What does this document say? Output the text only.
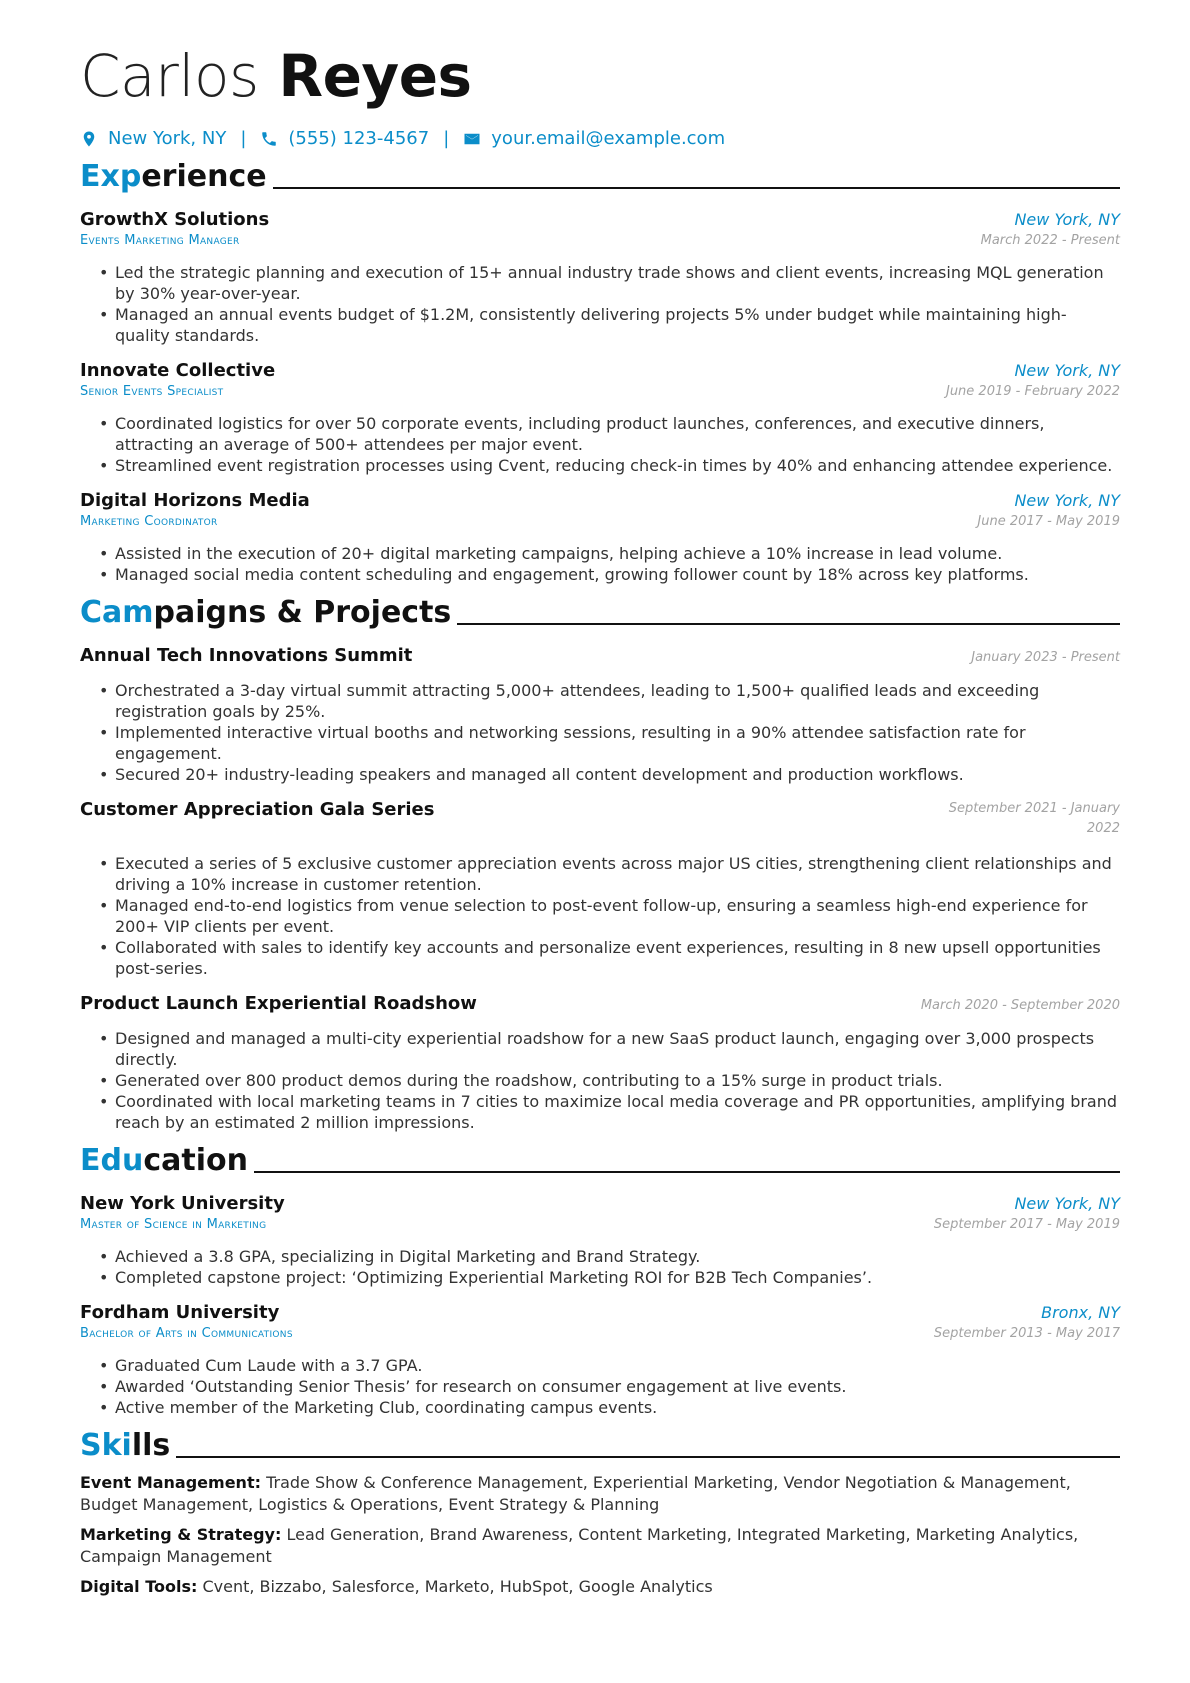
Carlos Reyes
New York, NY | (555) 123-4567 | your.email@example.com
Experience
GrowthX Solutions	New York, NY
Events Marketing Manager	March 2022 - Present
• Led the strategic planning and execution of 15+ annual industry trade shows and client events, increasing MQL generation by 30% year-over-year.
• Managed an annual events budget of $1.2M, consistently delivering projects 5% under budget while maintaining high-quality standards.
Innovate Collective	New York, NY
Senior Events Specialist	June 2019 - February 2022
• Coordinated logistics for over 50 corporate events, including product launches, conferences, and executive dinners, attracting an average of 500+ attendees per major event.
• Streamlined event registration processes using Cvent, reducing check-in times by 40% and enhancing attendee experience.
Digital Horizons Media	New York, NY
Marketing Coordinator	June 2017 - May 2019
• Assisted in the execution of 20+ digital marketing campaigns, helping achieve a 10% increase in lead volume.
• Managed social media content scheduling and engagement, growing follower count by 18% across key platforms.
Campaigns & Projects
Annual Tech Innovations Summit	January 2023 - Present
• Orchestrated a 3-day virtual summit attracting 5,000+ attendees, leading to 1,500+ qualified leads and exceeding registration goals by 25%.
• Implemented interactive virtual booths and networking sessions, resulting in a 90% attendee satisfaction rate for engagement.
• Secured 20+ industry-leading speakers and managed all content development and production workflows.
Customer Appreciation Gala Series	September 2021 - January 2022
• Executed a series of 5 exclusive customer appreciation events across major US cities, strengthening client relationships and driving a 10% increase in customer retention.
• Managed end-to-end logistics from venue selection to post-event follow-up, ensuring a seamless high-end experience for 200+ VIP clients per event.
• Collaborated with sales to identify key accounts and personalize event experiences, resulting in 8 new upsell opportunities post-series.
Product Launch Experiential Roadshow	March 2020 - September 2020
• Designed and managed a multi-city experiential roadshow for a new SaaS product launch, engaging over 3,000 prospects directly.
• Generated over 800 product demos during the roadshow, contributing to a 15% surge in product trials.
• Coordinated with local marketing teams in 7 cities to maximize local media coverage and PR opportunities, amplifying brand reach by an estimated 2 million impressions.
Education
New York University	New York, NY
Master of Science in Marketing	September 2017 - May 2019
• Achieved a 3.8 GPA, specializing in Digital Marketing and Brand Strategy.
• Completed capstone project: ‘Optimizing Experiential Marketing ROI for B2B Tech Companies’.
Fordham University	Bronx, NY
Bachelor of Arts in Communications	September 2013 - May 2017
• Graduated Cum Laude with a 3.7 GPA.
• Awarded ‘Outstanding Senior Thesis’ for research on consumer engagement at live events.
• Active member of the Marketing Club, coordinating campus events.
Skills
Event Management: Trade Show & Conference Management, Experiential Marketing, Vendor Negotiation & Management, Budget Management, Logistics & Operations, Event Strategy & Planning
Marketing & Strategy: Lead Generation, Brand Awareness, Content Marketing, Integrated Marketing, Marketing Analytics, Campaign Management
Digital Tools: Cvent, Bizzabo, Salesforce, Marketo, HubSpot, Google Analytics
